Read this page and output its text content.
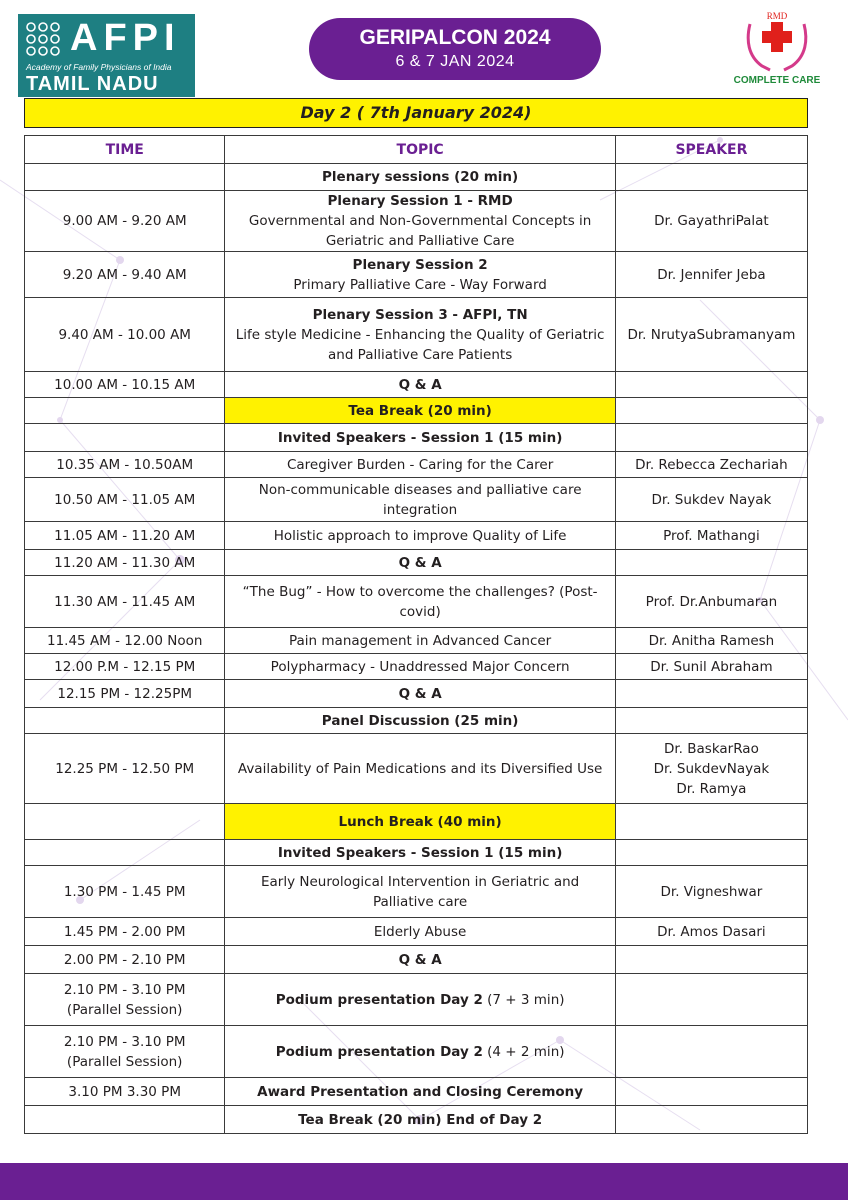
AFPI
Academy of Family Physicians of India
TAMIL NADU
GERIPALCON 2024
6 & 7 JAN 2024
RMD
COMPLETE CARE
Day 2 ( 7th January 2024)
TIME	TOPIC	SPEAKER

	Plenary sessions (20 min)	

9.00 AM - 9.20 AM	Plenary Session 1 - RMD
Governmental and Non-Governmental Concepts in Geriatric and Palliative Care	Dr. GayathriPalat

9.20 AM - 9.40 AM	Plenary Session 2
Primary Palliative Care - Way Forward	Dr. Jennifer Jeba

9.40 AM - 10.00 AM	Plenary Session 3 - AFPI, TN
Life style Medicine - Enhancing the Quality of Geriatric and Palliative Care Patients	Dr. NrutyaSubramanyam

10.00 AM - 10.15 AM	Q & A	

	Tea Break (20 min)	

	Invited Speakers - Session 1 (15 min)	

10.35 AM - 10.50AM	Caregiver Burden - Caring for the Carer	Dr. Rebecca Zechariah

10.50 AM - 11.05 AM	Non-communicable diseases and palliative care integration	Dr. Sukdev Nayak

11.05 AM - 11.20 AM	Holistic approach to improve Quality of Life	Prof. Mathangi

11.20 AM - 11.30 AM	Q & A	

11.30 AM - 11.45 AM	“The Bug” - How to overcome the challenges? (Post-covid)	Prof. Dr.Anbumaran

11.45 AM - 12.00 Noon	Pain management in Advanced Cancer	Dr. Anitha Ramesh

12.00 P.M - 12.15 PM	Polypharmacy - Unaddressed Major Concern	Dr. Sunil Abraham

12.15 PM - 12.25PM	Q & A	

	Panel Discussion (25 min)	

12.25 PM - 12.50 PM	Availability of Pain Medications and its Diversified Use	Dr. BaskarRao
Dr. SukdevNayak
Dr. Ramya

	Lunch Break (40 min)	

	Invited Speakers - Session 1 (15 min)	

1.30 PM - 1.45 PM	Early Neurological Intervention in Geriatric and Palliative care	Dr. Vigneshwar

1.45 PM - 2.00 PM	Elderly Abuse	Dr. Amos Dasari

2.00 PM - 2.10 PM	Q & A	

2.10 PM - 3.10 PM
(Parallel Session)	Podium presentation Day 2 (7 + 3 min)	

2.10 PM - 3.10 PM
(Parallel Session)	Podium presentation Day 2 (4 + 2 min)	

3.10 PM 3.30 PM	Award Presentation and Closing Ceremony	

	Tea Break (20 min) End of Day 2	
